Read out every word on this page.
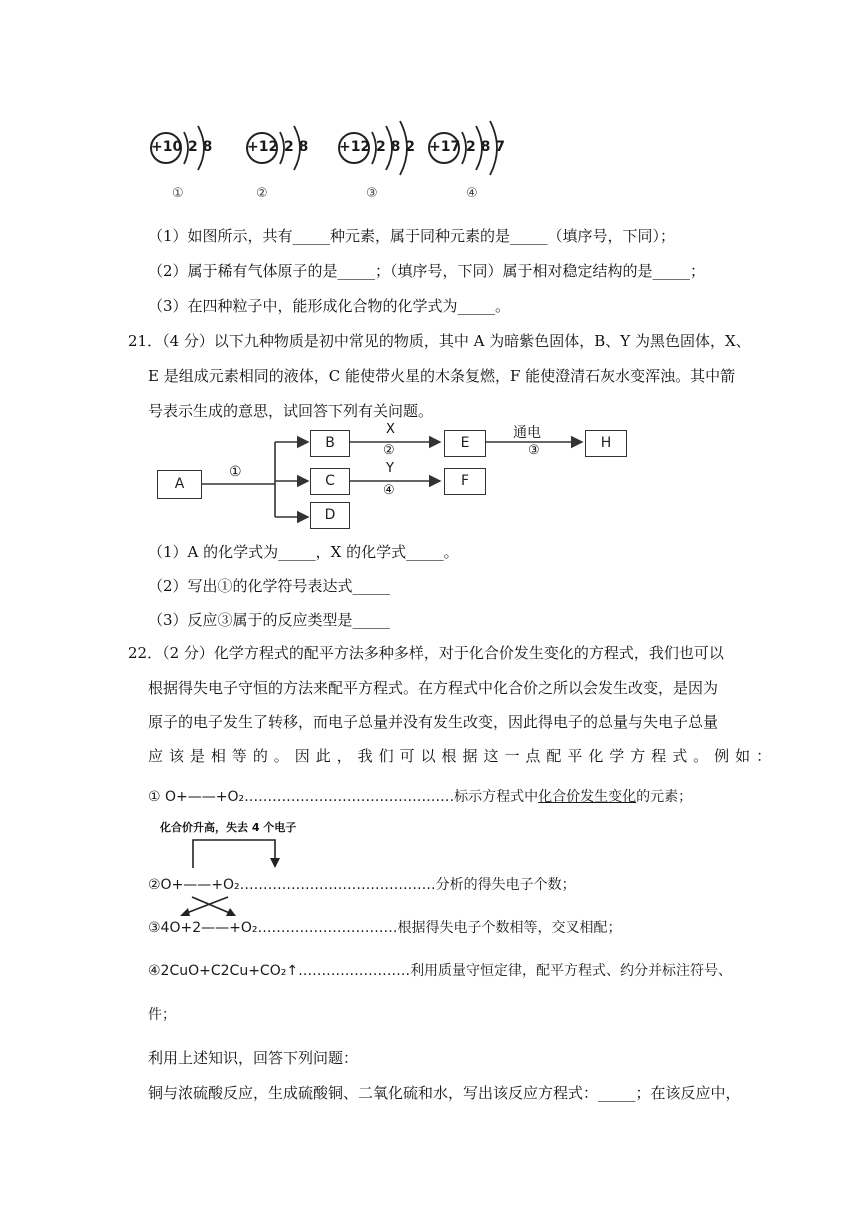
+10 2 8
①
+12 2 8
②
+12 2 8 2
③
+17 2 8 7
④
（1）如图所示，共有_____种元素，属于同种元素的是_____（填序号，下同）；
（2）属于稀有气体原子的是_____；（填序号，下同）属于相对稳定结构的是_____；
（3）在四种粒子中，能形成化合物的化学式为_____。
21．（4 分）以下九种物质是初中常见的物质，其中 A 为暗紫色固体，B、Y 为黑色固体，X、
E 是组成元素相同的液体，C 能使带火星的木条复燃，F 能使澄清石灰水变浑浊。其中箭
号表示生成的意思，试回答下列有关问题。
A
B
C
D
E
F
H
①
X
②
Y
④
通电
③
（1）A 的化学式为_____，X 的化学式_____。
（2）写出①的化学符号表达式_____
（3）反应③属于的反应类型是_____
22．（2 分）化学方程式的配平方法多种多样，对于化合价发生变化的方程式，我们也可以
根据得失电子守恒的方法来配平方程式。在方程式中化合价之所以会发生改变，是因为
原子的电子发生了转移，而电子总量并没有发生改变，因此得电子的总量与失电子总量
应 该 是 相 等 的 。 因 此 ， 我 们 可 以 根 据 这 一 点 配 平 化 学 方 程 式 。 例 如 ：
① O+——+O₂………………………………………标示方程式中化合价发生变化的元素；
化合价升高，失去 4 个电子
②O+——+O₂……………………………………分析的得失电子个数；
③4O+2——+O₂…………………………根据得失电子个数相等，交叉相配；
④2CuO+C2Cu+CO₂↑……………………利用质量守恒定律，配平方程式、约分并标注符号、
件；
利用上述知识，回答下列问题：
铜与浓硫酸反应，生成硫酸铜、二氧化硫和水，写出该反应方程式：_____；在该反应中，
